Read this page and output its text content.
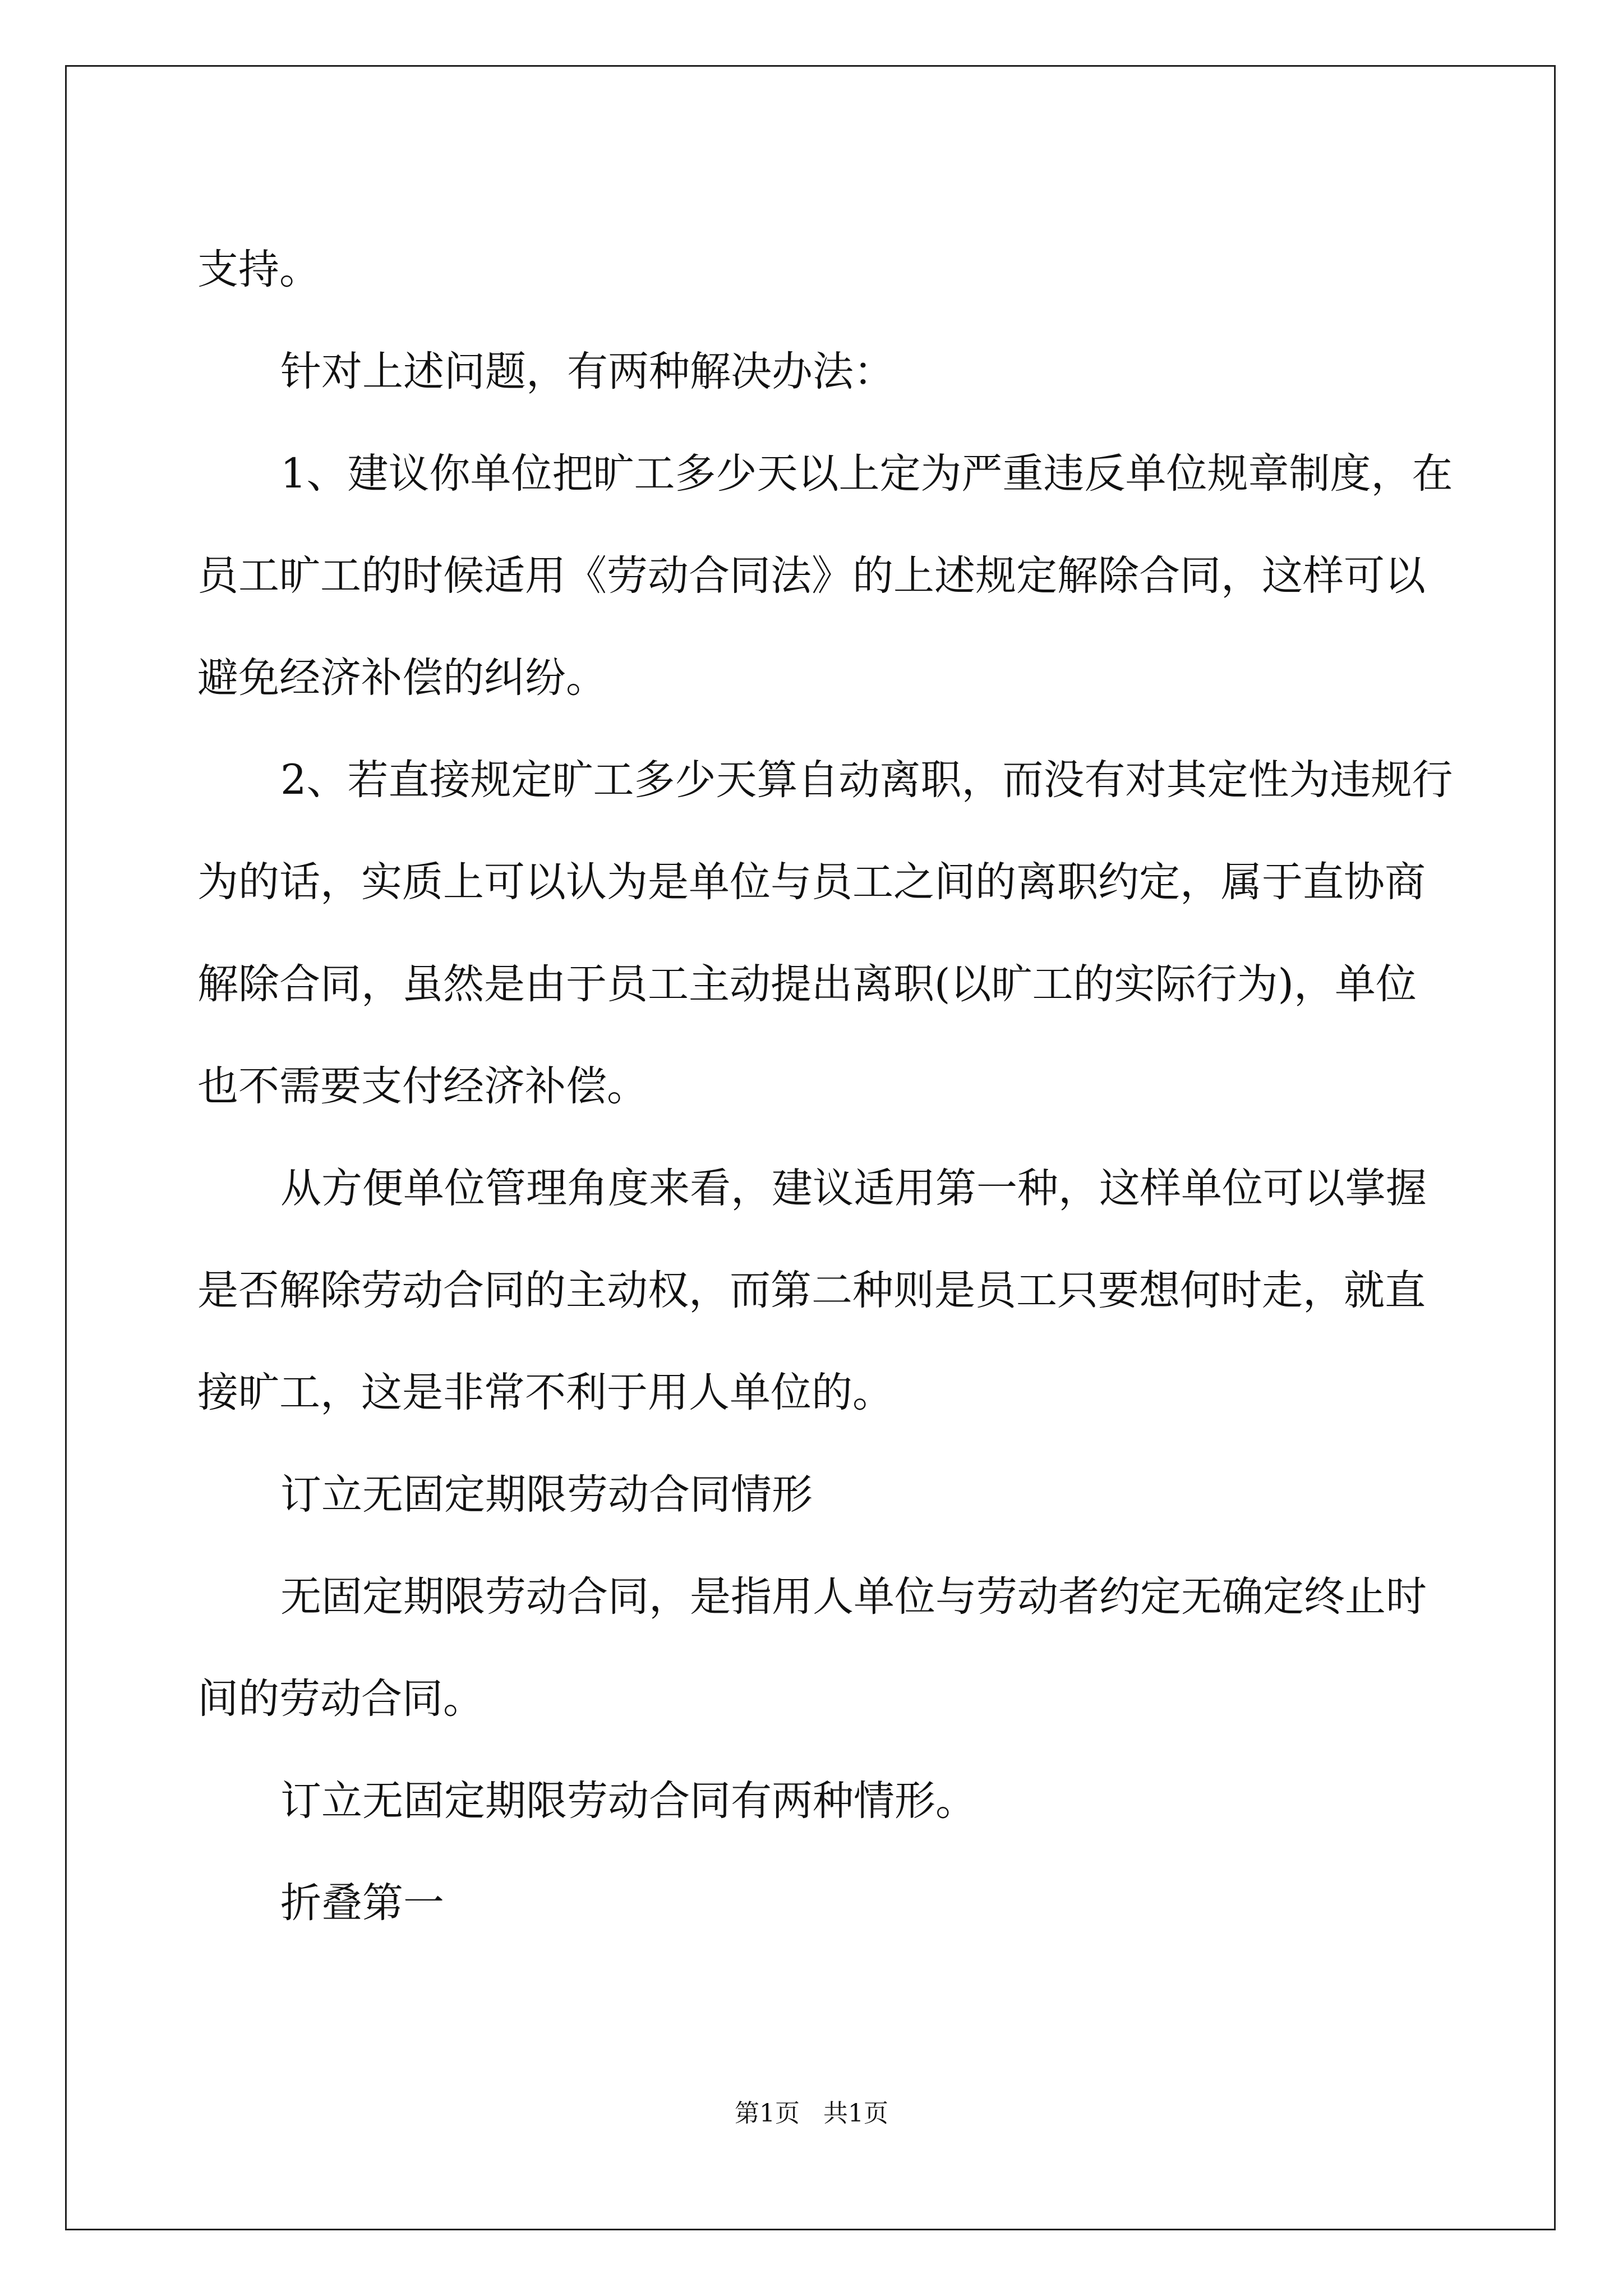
支持。
针对上述问题，有两种解决办法：
1、建议你单位把旷工多少天以上定为严重违反单位规章制度，在
员工旷工的时候适用《劳动合同法》的上述规定解除合同，这样可以
避免经济补偿的纠纷。
2、若直接规定旷工多少天算自动离职，而没有对其定性为违规行
为的话，实质上可以认为是单位与员工之间的离职约定，属于直协商
解除合同，虽然是由于员工主动提出离职(以旷工的实际行为)，单位
也不需要支付经济补偿。
从方便单位管理角度来看，建议适用第一种，这样单位可以掌握
是否解除劳动合同的主动权，而第二种则是员工只要想何时走，就直
接旷工，这是非常不利于用人单位的。
订立无固定期限劳动合同情形
无固定期限劳动合同，是指用人单位与劳动者约定无确定终止时
间的劳动合同。
订立无固定期限劳动合同有两种情形。
折叠第一
第1页 共1页
